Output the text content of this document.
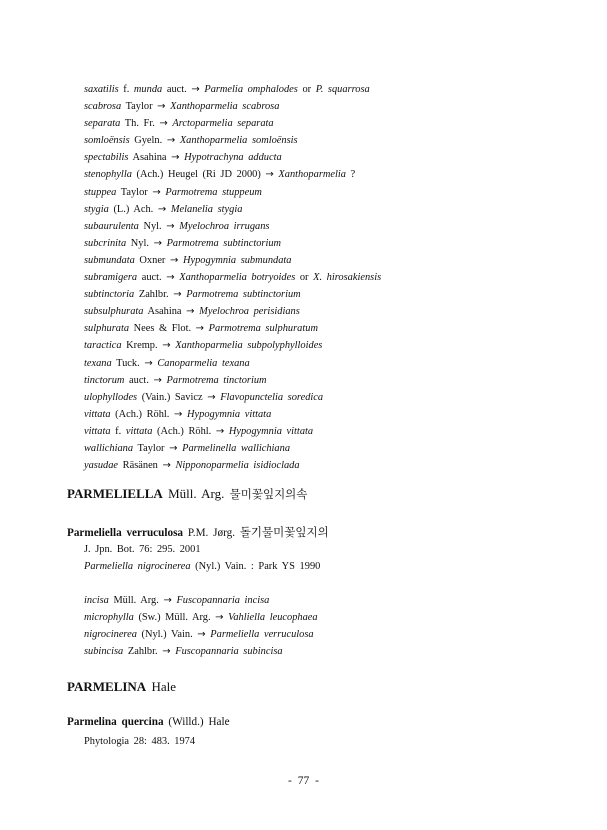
saxatilis f. munda auct. → Parmelia omphalodes or P. squarrosa
scabrosa Taylor → Xanthoparmelia scabrosa
separata Th. Fr. → Arctoparmelia separata
somloënsis Gyeln. → Xanthoparmelia somloënsis
spectabilis Asahina → Hypotrachyna adducta
stenophylla (Ach.) Heugel (Ri JD 2000) → Xanthoparmelia ?
stuppea Taylor → Parmotrema stuppeum
stygia (L.) Ach. → Melanelia stygia
subaurulenta Nyl. → Myelochroa irrugans
subcrinita Nyl. → Parmotrema subtinctorium
submundata Oxner → Hypogymnia submundata
subramigera auct. → Xanthoparmelia botryoides or X. hirosakiensis
subtinctoria Zahlbr. → Parmotrema subtinctorium
subsulphurata Asahina → Myelochroa perisidians
sulphurata Nees & Flot. → Parmotrema sulphuratum
taractica Kremp. → Xanthoparmelia subpolyphylloides
texana Tuck. → Canoparmelia texana
tinctorum auct. → Parmotrema tinctorium
ulophyllodes (Vain.) Savicz → Flavopunctelia soredica
vittata (Ach.) Röhl. → Hypogymnia vittata
vittata f. vittata (Ach.) Röhl. → Hypogymnia vittata
wallichiana Taylor → Parmelinella wallichiana
yasudae Räsänen → Nipponoparmelia isidioclada
PARMELIELLA Müll. Arg. 물미꽃잎지의속
Parmeliella verruculosa P.M. Jørg. 돌기물미꽃잎지의
J. Jpn. Bot. 76: 295. 2001
Parmeliella nigrocinerea (Nyl.) Vain. : Park YS 1990
incisa Müll. Arg. → Fuscopannaria incisa
microphylla (Sw.) Müll. Arg. → Vahliella leucophaea
nigrocinerea (Nyl.) Vain. → Parmeliella verruculosa
subincisa Zahlbr. → Fuscopannaria subincisa
PARMELINA Hale
Parmelina quercina (Willd.) Hale
Phytologia 28: 483. 1974
- 77 -
